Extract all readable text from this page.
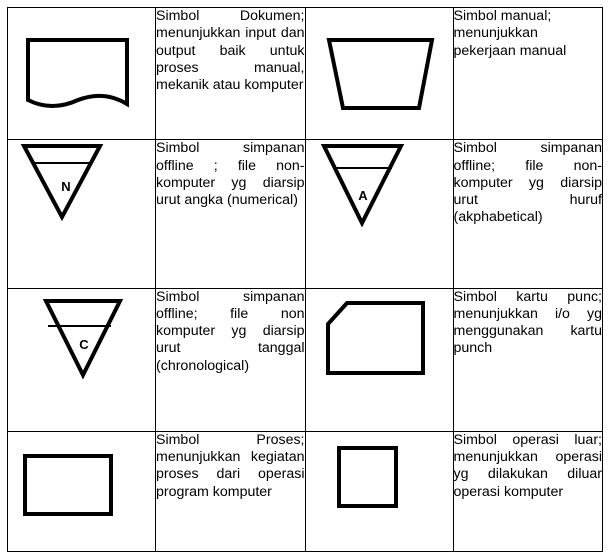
	Simbol Dokumen; menunjukkan input dan output baik untuk proses manual, mekanik atau komputer		Simbol manual; menunjukkan pekerjaan manual

N	Simbol simpanan offline ; file non-komputer yg diarsip urut angka (numerical)	A	Simbol simpanan offline; file non-komputer yg diarsip urut huruf (akphabetical)

C	Simbol simpanan offline; file non komputer yg diarsip urut tanggal (chronological)		Simbol kartu punc; menunjukkan i/o yg menggunakan kartu punch

	Simbol Proses; menunjukkan kegiatan proses dari operasi program komputer		Simbol operasi luar; menunjukkan operasi yg dilakukan diluar operasi komputer
